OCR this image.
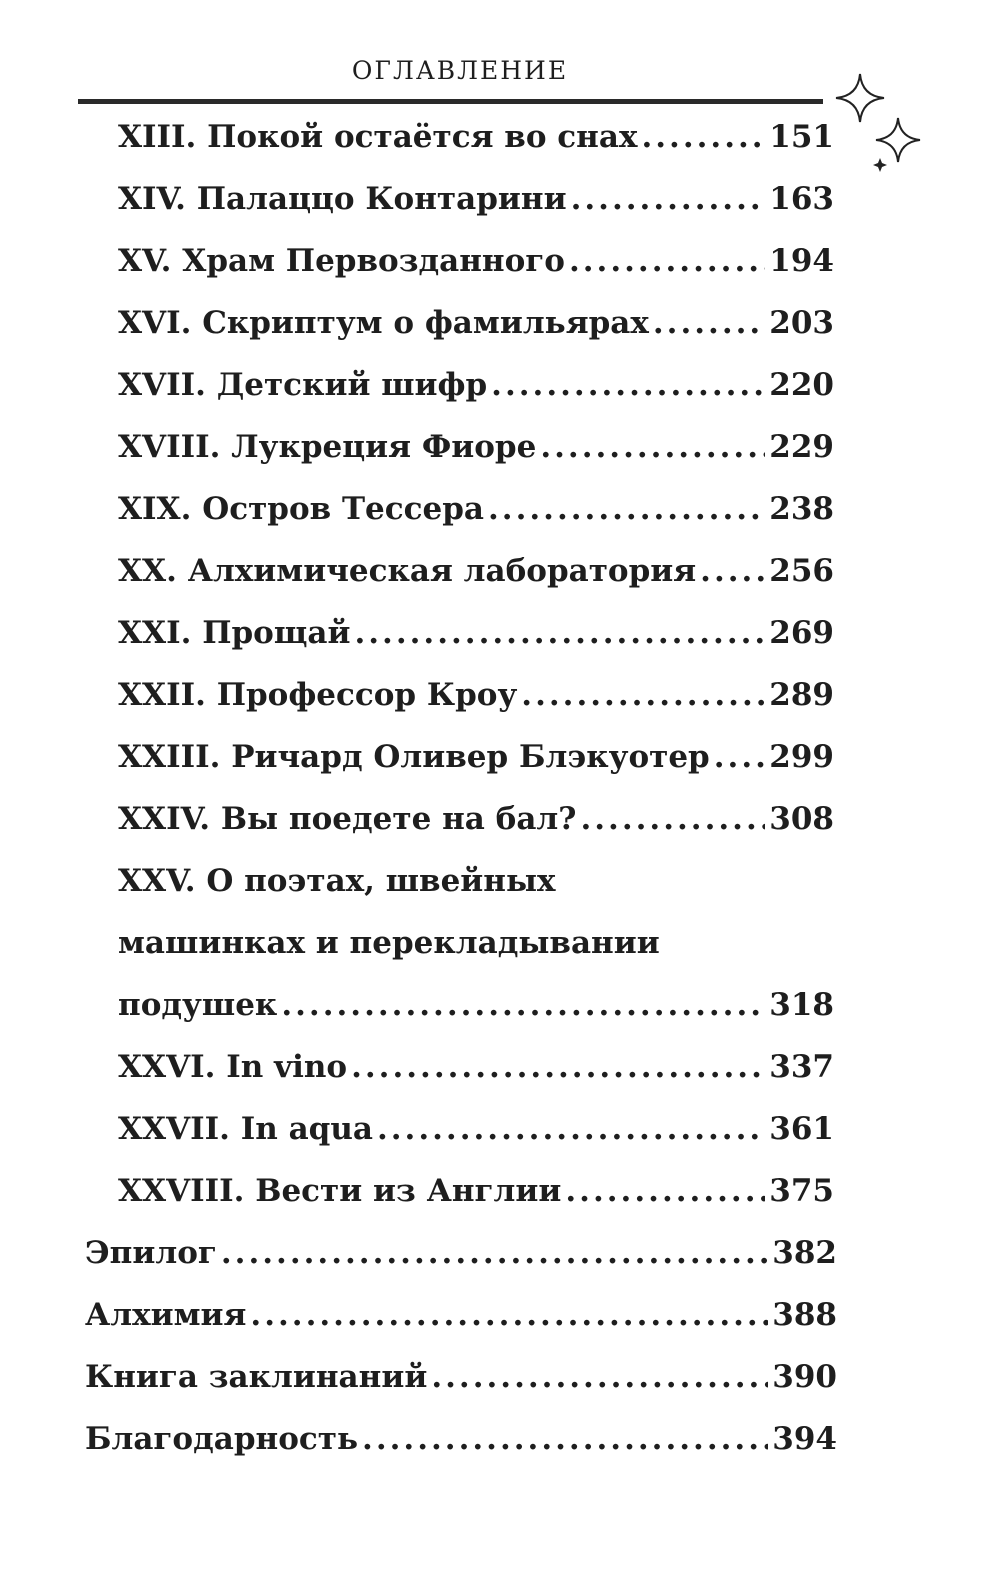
ОГЛАВЛЕНИЕ
XIII. Покой остаётся во снах .....	151
XIV. Палаццо Контарини .....	163
XV. Храм Первозданного .....	194
XVI. Скриптум о фамильярах .....	203
XVII. Детский шифр .....	220
XVIII. Лукреция Фиоре .....	229
XIX. Остров Тессера .....	238
XX. Алхимическая лаборатория ..... 256
XXI. Прощай .....	269
XXII. Профессор Кроу .....	289
XXIII. Ричард Оливер Блэкуотер ..... 299
XXIV. Вы поедете на бал? .....	308
XXV. О поэтах, швейных
машинках и перекладывании
подушек .....	318
XXVI. In vino .....	337
XXVII. In aqua .....	361
XXVIII. Вести из Англии .....	375
Эпилог .....	382
Алхимия .....	388
Книга заклинаний .....	390
Благодарность .....	394
